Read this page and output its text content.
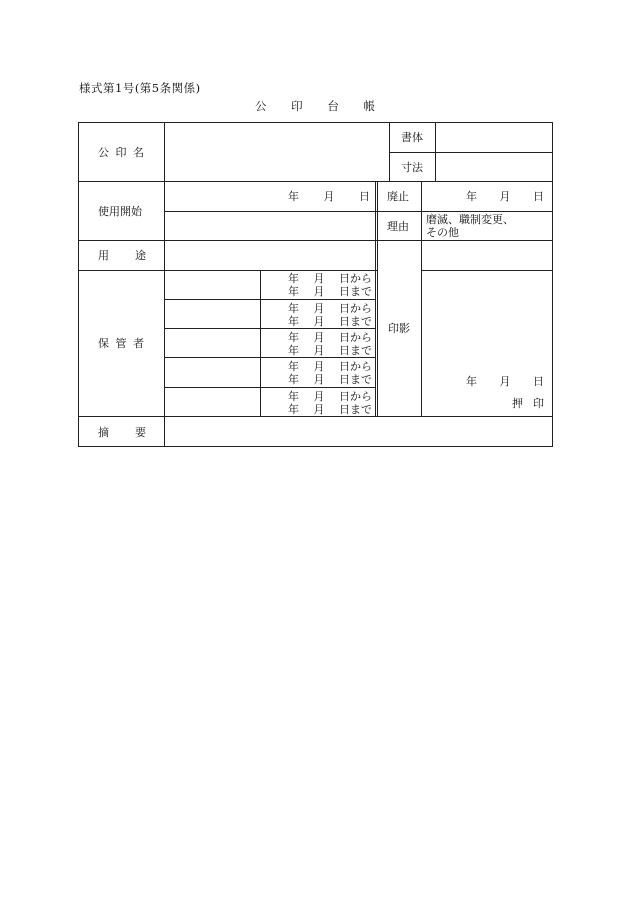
様式第1号(第5条関係)
公 印 台 帳
公 印 名
書体
寸法
使用開始
年 月 日 廃止	年 月 日
理由
磨滅、職制変更、
その他
用 途
保 管 者
年 月 日から
年 月 日まで
年 月 日から
年 月 日まで
年 月 日から
年 月 日まで
年 月 日から
年 月 日まで
年 月 日から
年 月 日まで
印影
年 月 日
押 印
摘 要
